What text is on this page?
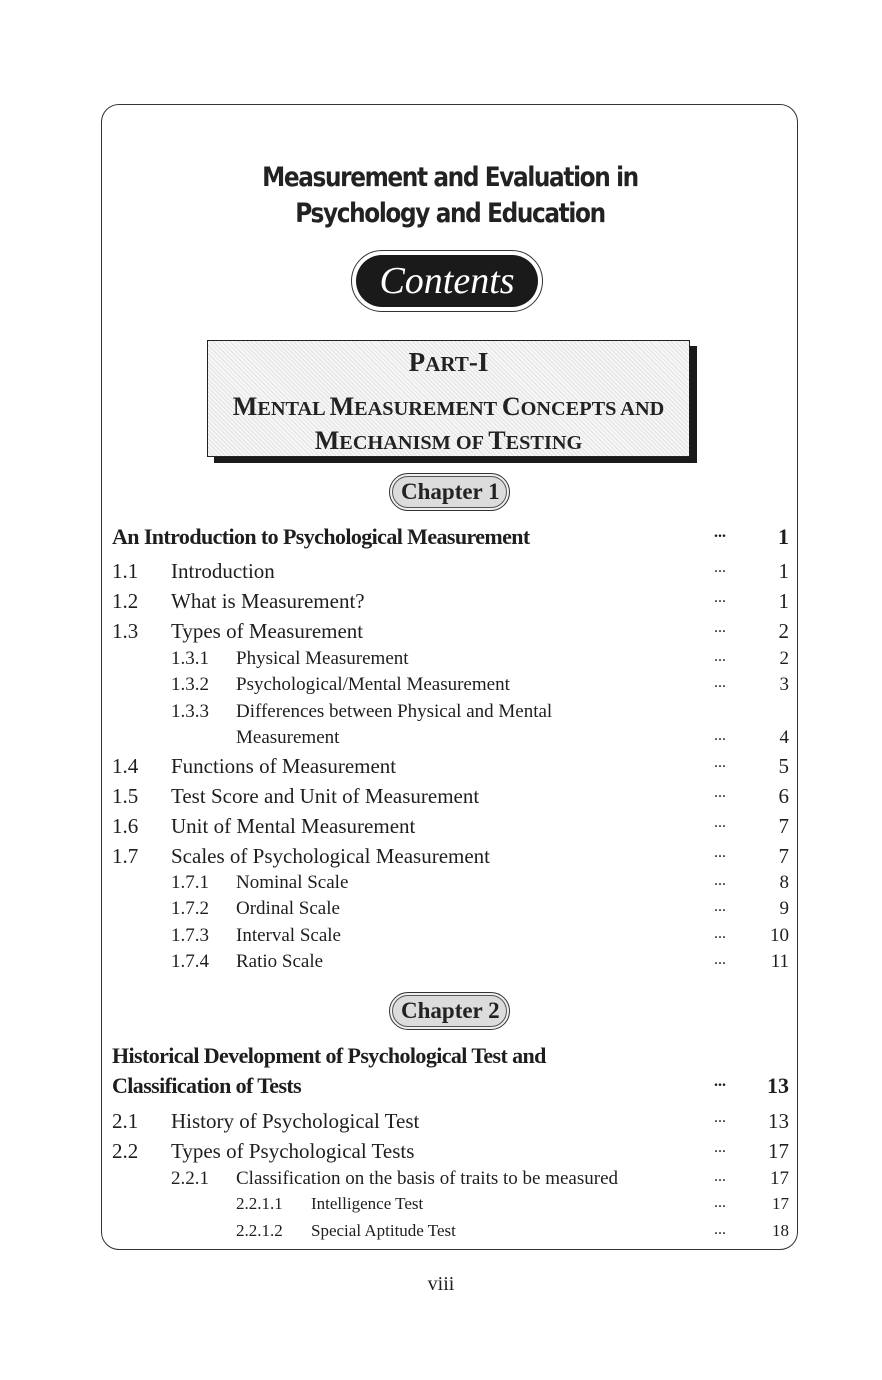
Measurement and Evaluation in
Psychology and Education
Contents
PART-I
MENTAL MEASUREMENT CONCEPTS AND
MECHANISM OF TESTING
Chapter 1
An Introduction to Psychological Measurement	...	1
1.1 Introduction	...	1
1.2 What is Measurement?	...	1
1.3 Types of Measurement	...	2
1.3.1 Physical Measurement	...	2
1.3.2 Psychological/Mental Measurement	...	3
1.3.3 Differences between Physical and Mental
Measurement	...	4
1.4 Functions of Measurement	...	5
1.5 Test Score and Unit of Measurement	...	6
1.6 Unit of Mental Measurement	...	7
1.7 Scales of Psychological Measurement	...	7
1.7.1 Nominal Scale	...	8
1.7.2 Ordinal Scale	...	9
1.7.3 Interval Scale	...	10
1.7.4 Ratio Scale	...	11
Chapter 2
Historical Development of Psychological Test and
Classification of Tests	...	13
2.1 History of Psychological Test	...	13
2.2 Types of Psychological Tests	...	17
2.2.1 Classification on the basis of traits to be measured	...	17
2.2.1.1 Intelligence Test	...	17
2.2.1.2 Special Aptitude Test	...	18
viii
